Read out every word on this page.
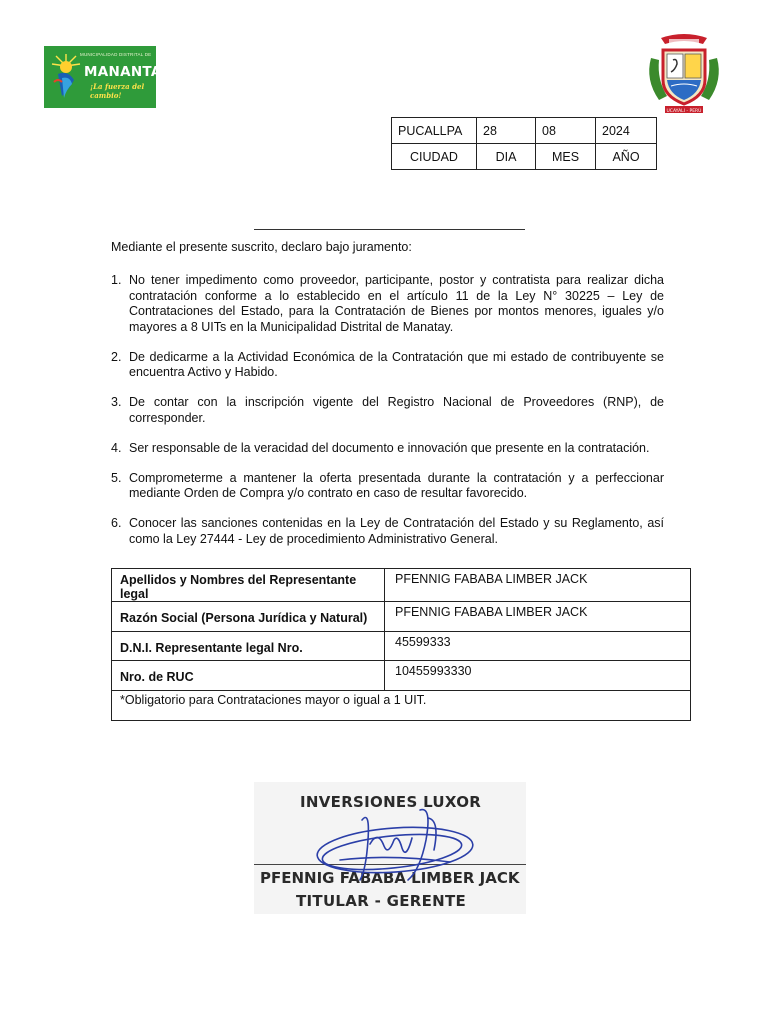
MUNICIPALIDAD DISTRITAL DE
MANANTAY
¡La fuerza del cambio!
UCAYALI - PERÚ
PUCALLPA	28	08	2024
CIUDAD	DIA	MES	AÑO
Mediante el presente suscrito, declaro bajo juramento:
1. No tener impedimento como proveedor, participante, postor y contratista para realizar dicha contratación conforme a lo establecido en el artículo 11 de la Ley N° 30225 – Ley de Contrataciones del Estado, para la Contratación de Bienes por montos menores, iguales y/o mayores a 8 UITs en la Municipalidad Distrital de Manatay.
2. De dedicarme a la Actividad Económica de la Contratación que mi estado de contribuyente se encuentra Activo y Habido.
3. De contar con la inscripción vigente del Registro Nacional de Proveedores (RNP), de corresponder.
4. Ser responsable de la veracidad del documento e innovación que presente en la contratación.
5. Comprometerme a mantener la oferta presentada durante la contratación y a perfeccionar mediante Orden de Compra y/o contrato en caso de resultar favorecido.
6. Conocer las sanciones contenidas en la Ley de Contratación del Estado y su Reglamento, así como la Ley 27444 - Ley de procedimiento Administrativo General.
Apellidos y Nombres del Representante legal	PFENNIG FABABA LIMBER JACK
Razón Social (Persona Jurídica y Natural)	PFENNIG FABABA LIMBER JACK
D.N.I. Representante legal Nro.	45599333
Nro. de RUC	10455993330
*Obligatorio para Contrataciones mayor o igual a 1 UIT.	
INVERSIONES LUXOR
PFENNIG FABABA LIMBER JACK
TITULAR - GERENTE
